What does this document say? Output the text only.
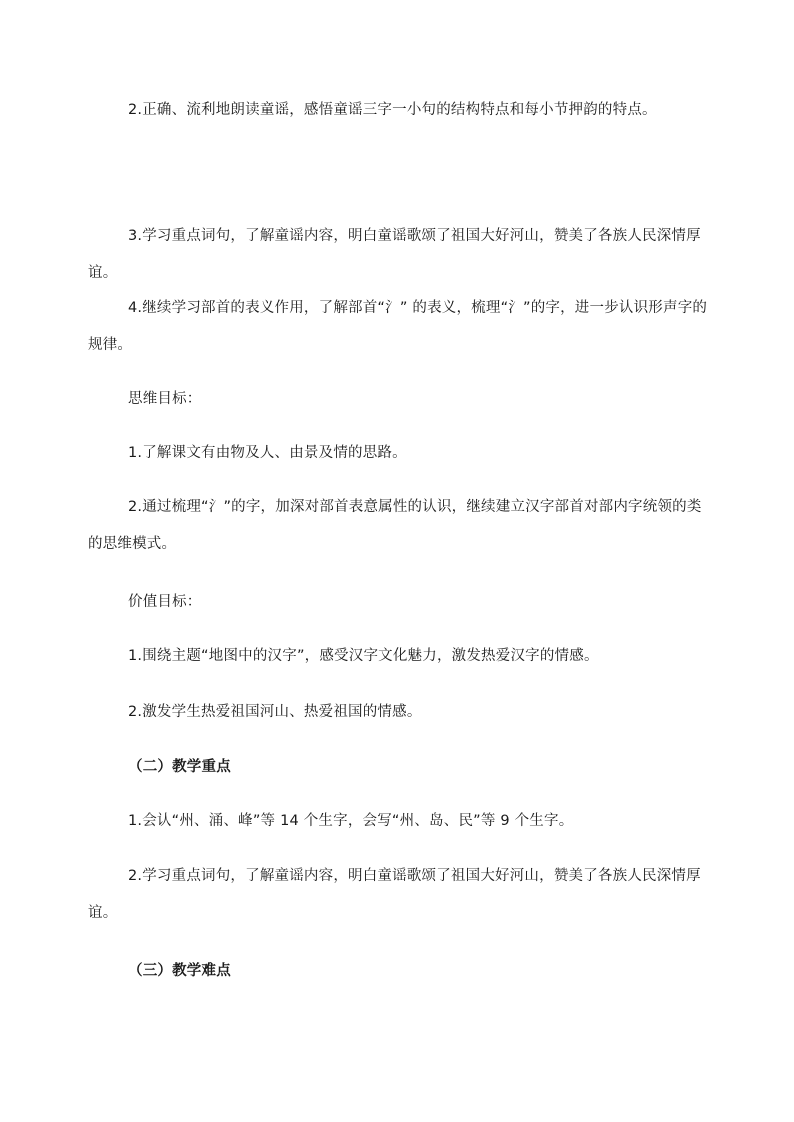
2.正确、流利地朗读童谣，感悟童谣三字一小句的结构特点和每小节押韵的特点。

3.学习重点词句，了解童谣内容，明白童谣歌颂了祖国大好河山，赞美了各族人民深情厚谊。

4.继续学习部首的表义作用，了解部首“氵” 的表义，梳理“氵”的字，进一步认识形声字的规律。

思维目标：

1.了解课文有由物及人、由景及情的思路。

2.通过梳理“氵”的字，加深对部首表意属性的认识，继续建立汉字部首对部内字统领的类的思维模式。

价值目标：

1.围绕主题“地图中的汉字”，感受汉字文化魅力，激发热爱汉字的情感。

2.激发学生热爱祖国河山、热爱祖国的情感。

（二）教学重点

1.会认“州、涌、峰”等 14 个生字，会写“州、岛、民”等 9 个生字。

2.学习重点词句，了解童谣内容，明白童谣歌颂了祖国大好河山，赞美了各族人民深情厚谊。

（三）教学难点
